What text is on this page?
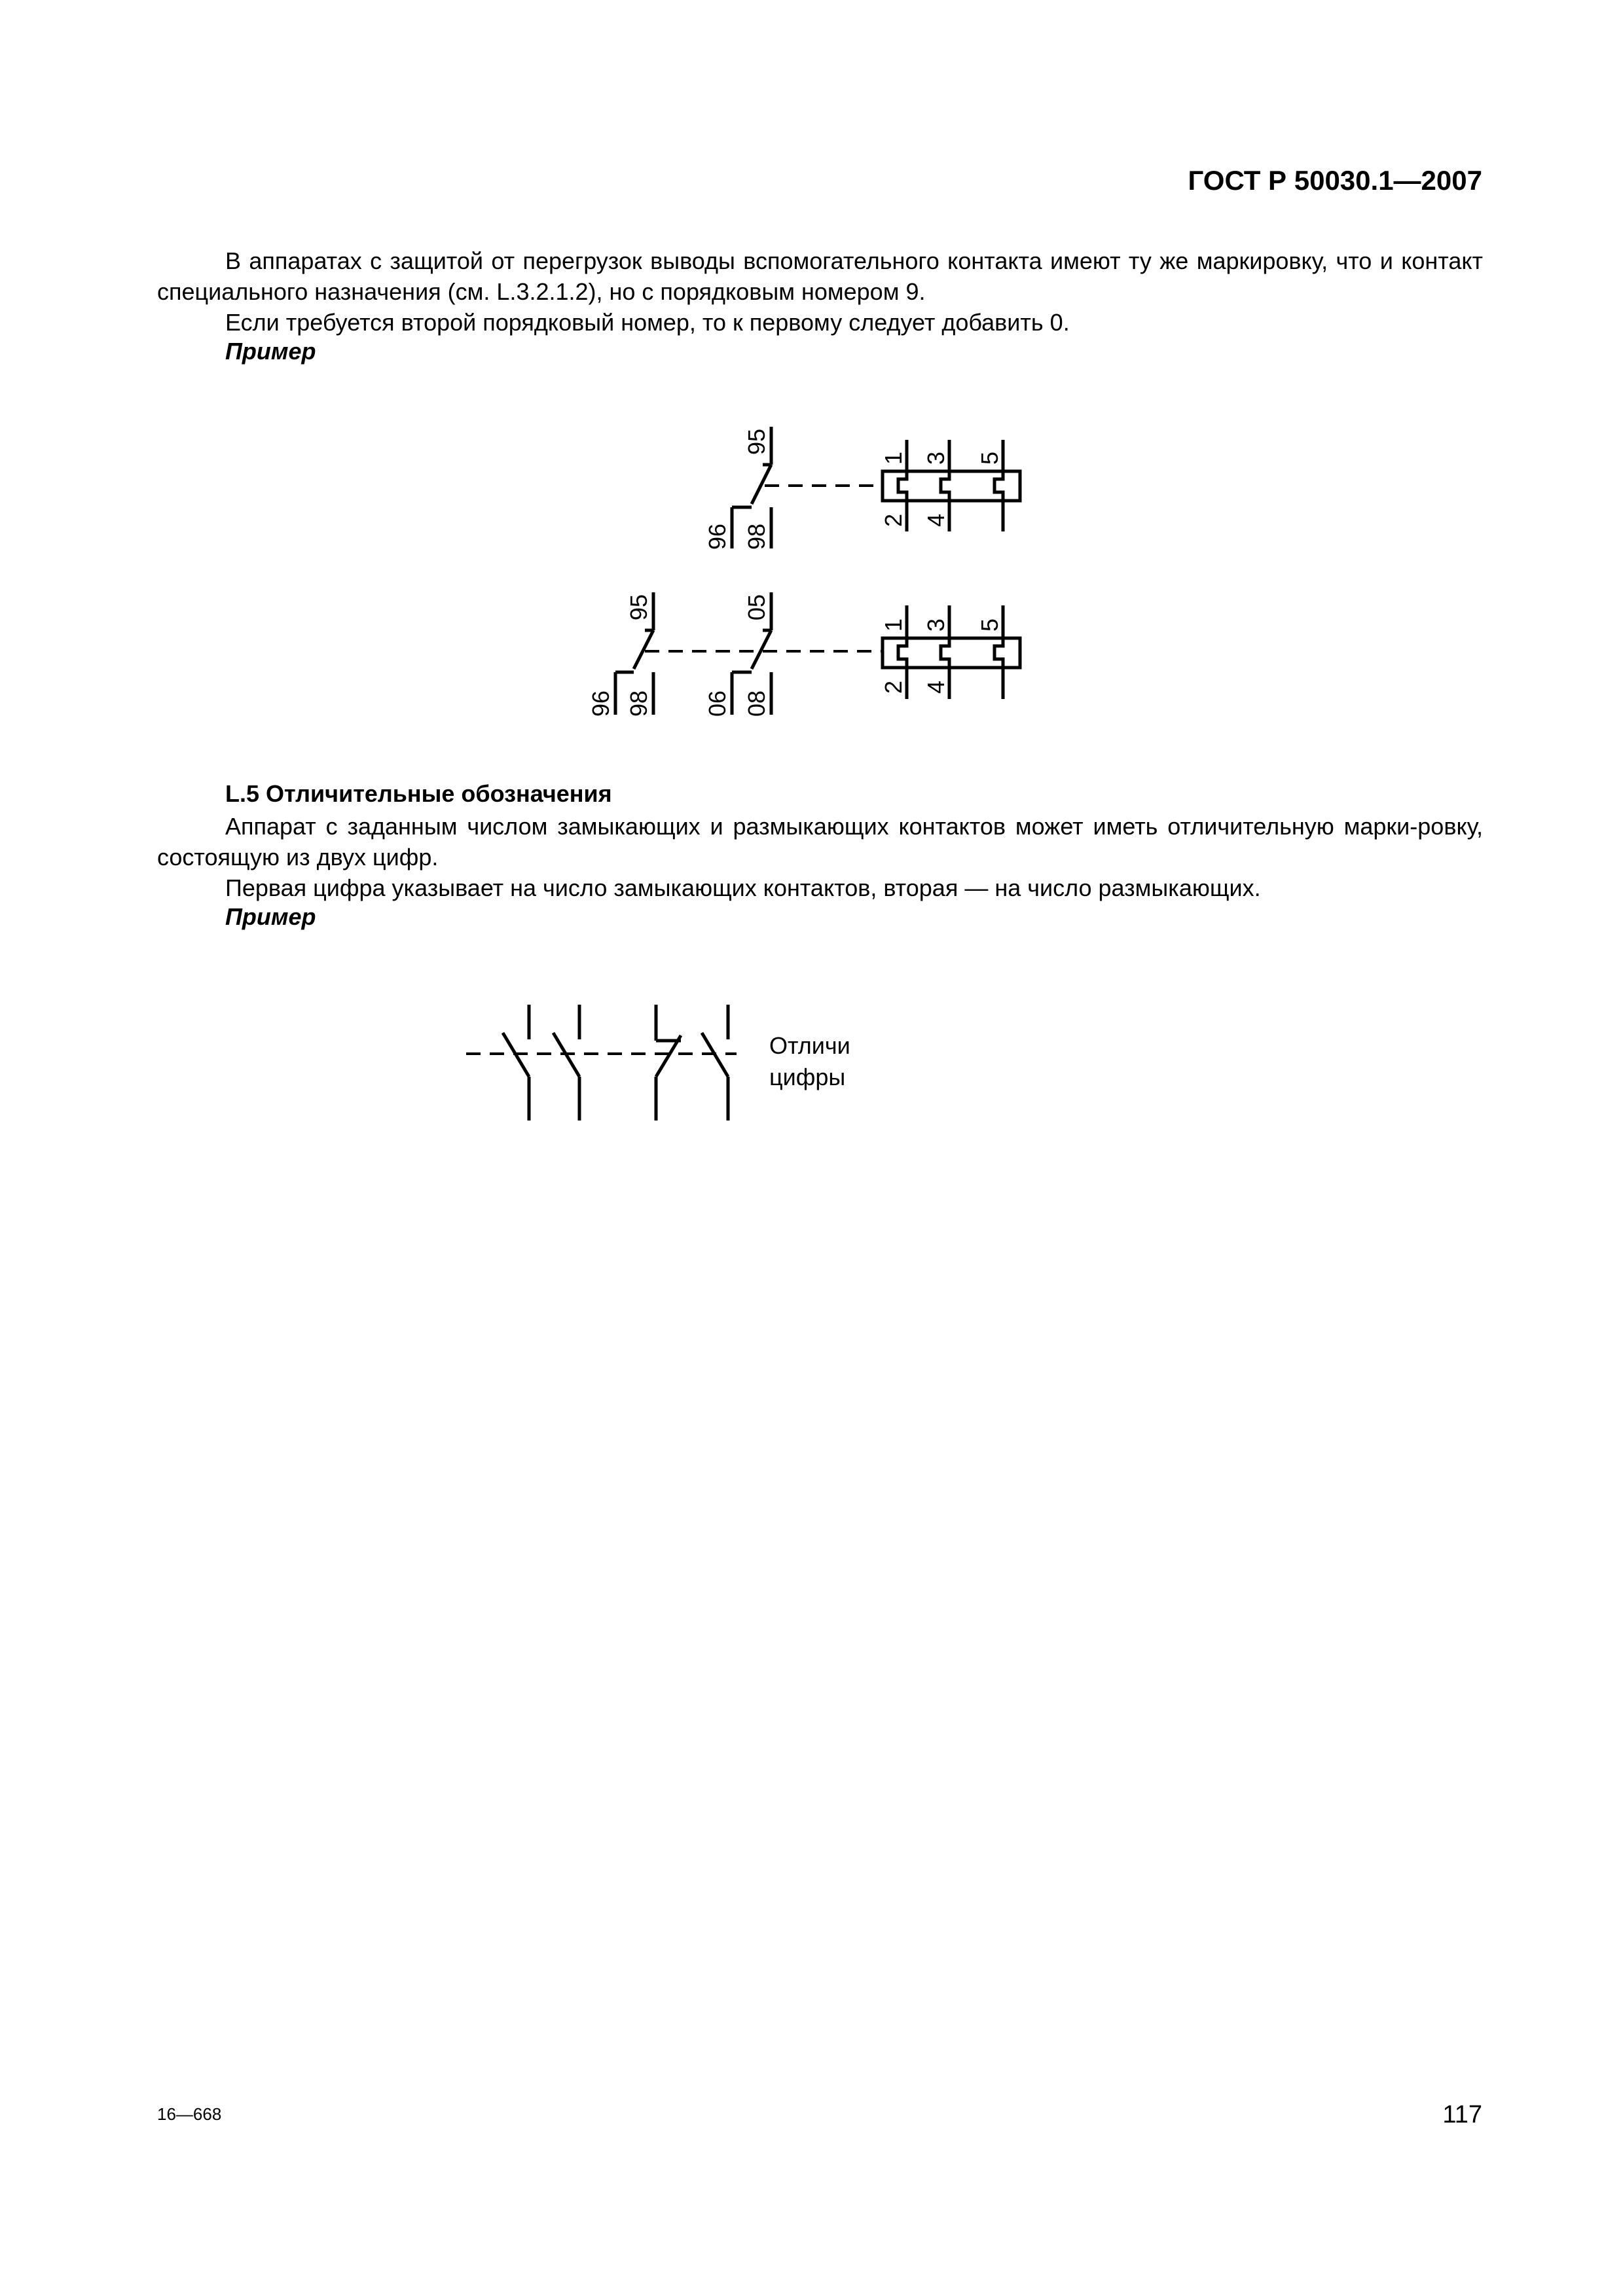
ГОСТ Р 50030.1—2007
В аппаратах с защитой от перегрузок выводы вспомогательного контакта имеют ту же маркировку, что и контакт специального назначения (см. L.3.2.1.2), но с порядковым номером 9.
Если требуется второй порядковый номер, то к первому следует добавить 0.
Пример
L.5 Отличительные обозначения
Аппарат с заданным числом замыкающих и размыкающих контактов может иметь отличительную марки-ровку, состоящую из двух цифр.
Первая цифра указывает на число замыкающих контактов, вторая — на число размыкающих.
Пример
95
96 98
1 3 5
2 4
95
96 98
05
06 08
1 3 5
2 4
Отличи
цифры
16—668	117
